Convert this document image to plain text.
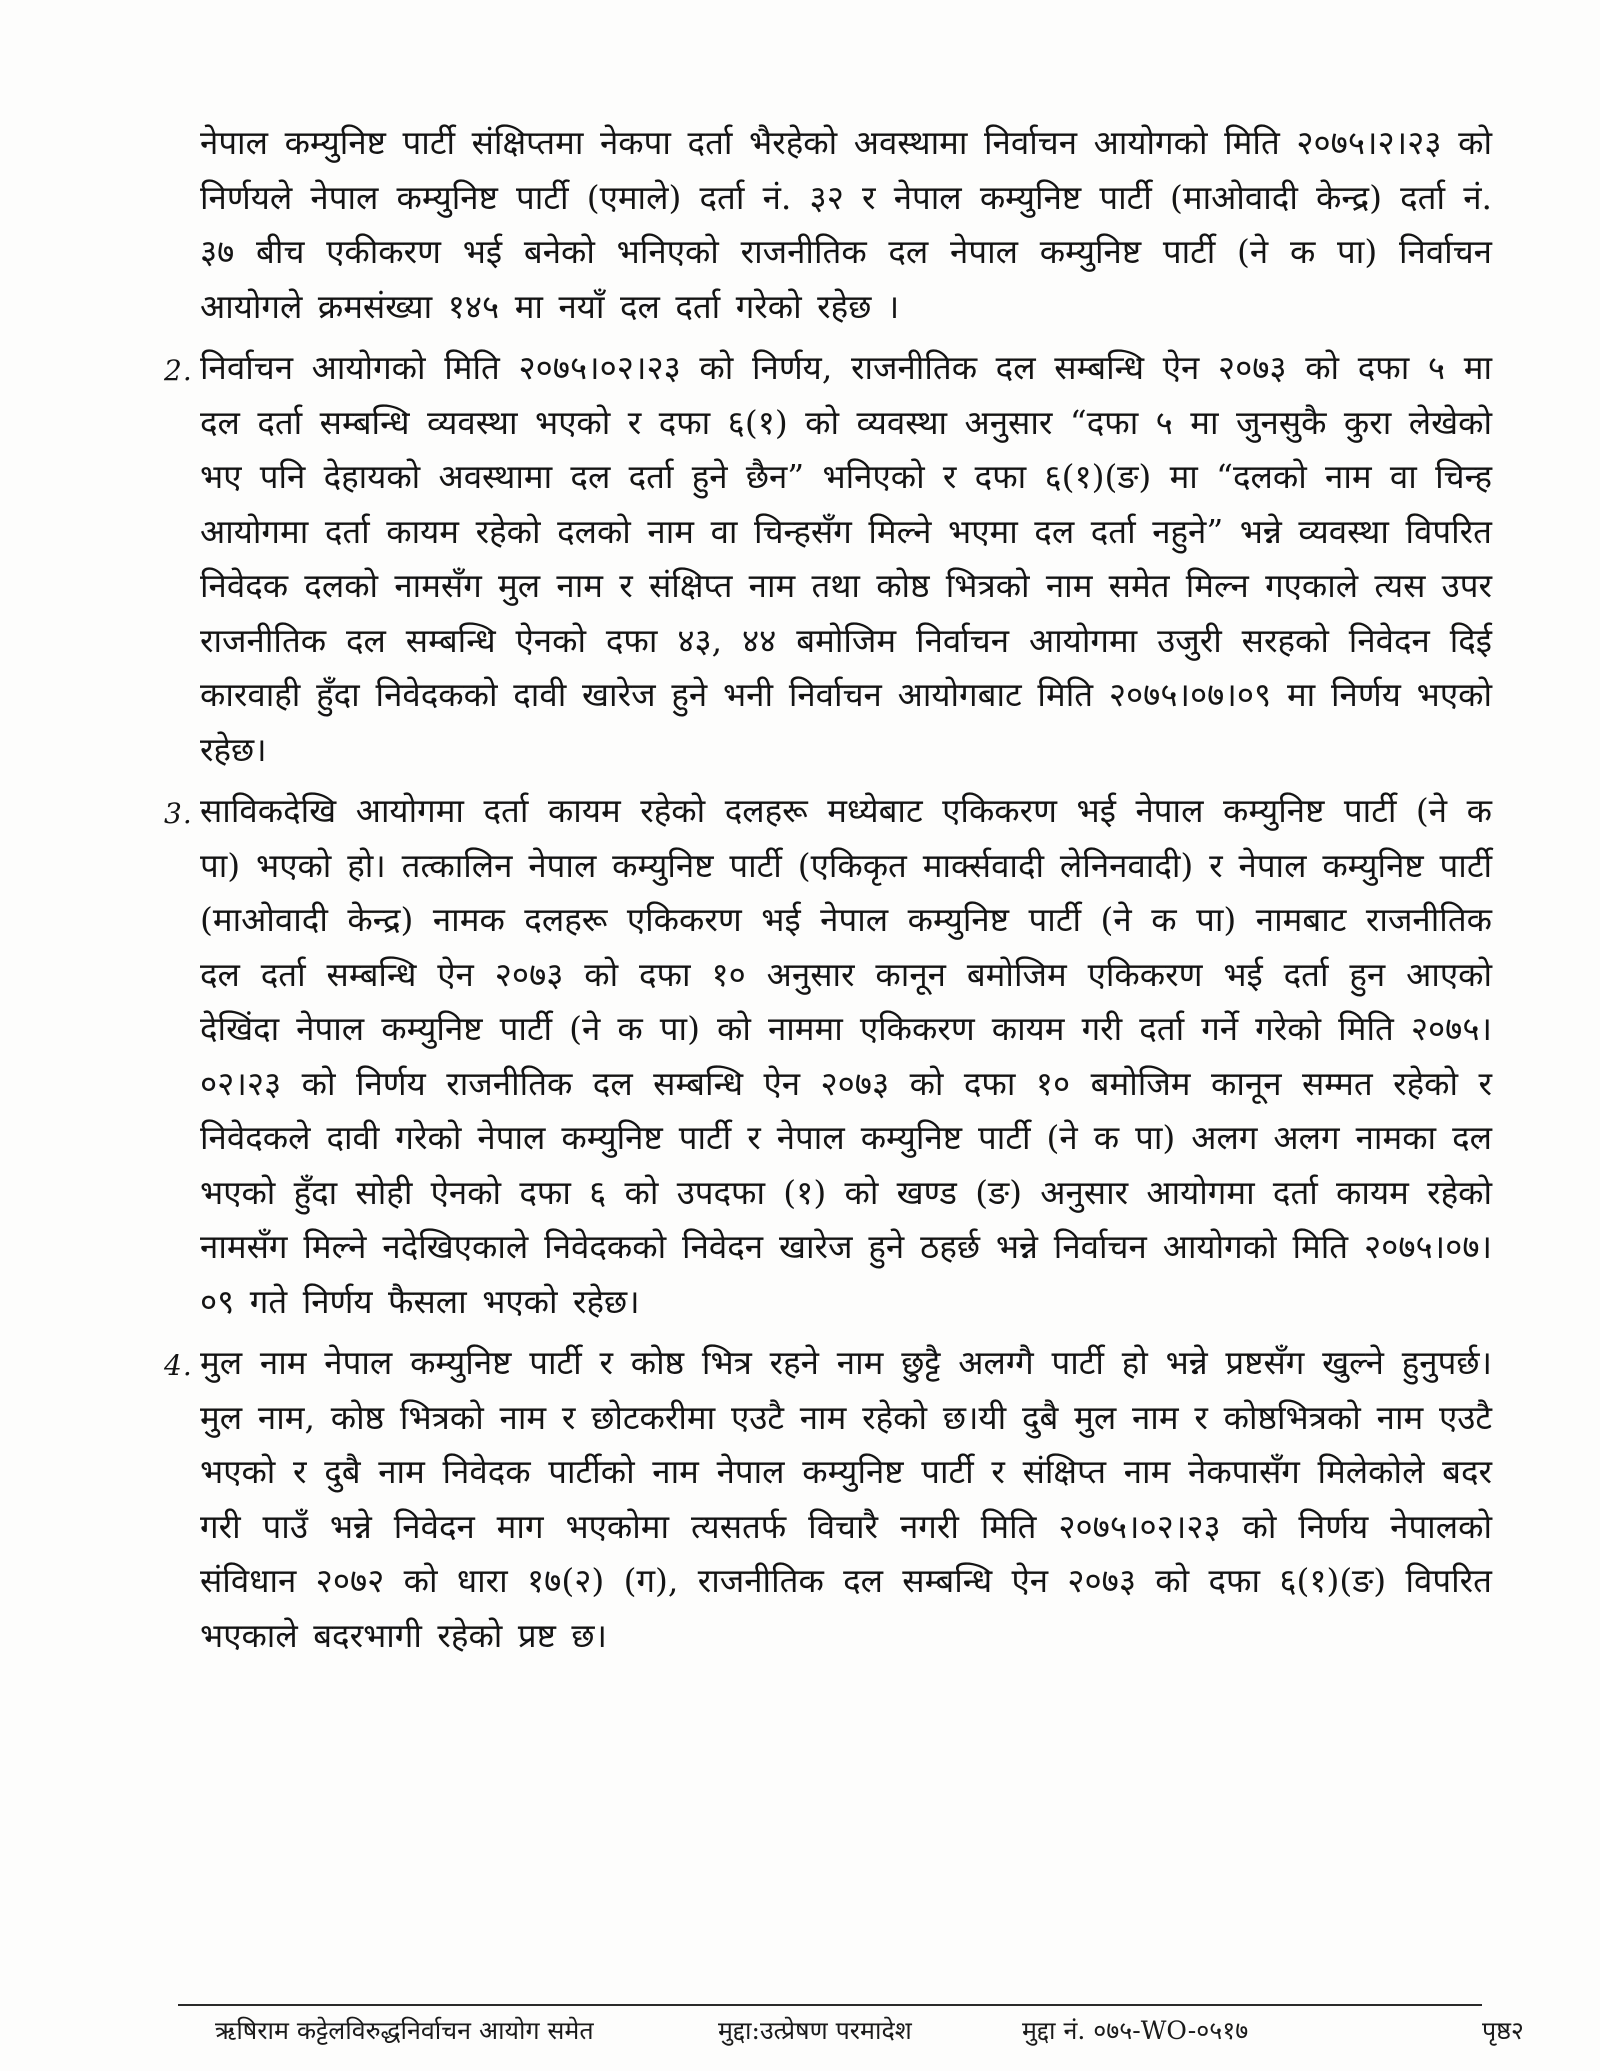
नेपाल कम्युनिष्ट पार्टी संक्षिप्तमा नेकपा दर्ता भैरहेको अवस्थामा निर्वाचन आयोगको मिति २०७५।२।२३ को निर्णयले नेपाल कम्युनिष्ट पार्टी (एमाले) दर्ता नं. ३२ र नेपाल कम्युनिष्ट पार्टी (माओवादी केन्द्र) दर्ता नं. ३७ बीच एकीकरण भई बनेको भनिएको राजनीतिक दल नेपाल कम्युनिष्ट पार्टी (ने क पा) निर्वाचन आयोगले क्रमसंख्या १४५ मा नयाँ दल दर्ता गरेको रहेछ ।

2. निर्वाचन आयोगको मिति २०७५।०२।२३ को निर्णय, राजनीतिक दल सम्बन्धि ऐन २०७३ को दफा ५ मा दल दर्ता सम्बन्धि व्यवस्था भएको र दफा ६(१) को व्यवस्था अनुसार “दफा ५ मा जुनसुकै कुरा लेखेको भए पनि देहायको अवस्थामा दल दर्ता हुने छैन” भनिएको र दफा ६(१)(ङ) मा “दलको नाम वा चिन्ह आयोगमा दर्ता कायम रहेको दलको नाम वा चिन्हसँग मिल्ने भएमा दल दर्ता नहुने” भन्ने व्यवस्था विपरित निवेदक दलको नामसँग मुल नाम र संक्षिप्त नाम तथा कोष्ठ भित्रको नाम समेत मिल्न गएकाले त्यस उपर राजनीतिक दल सम्बन्धि ऐनको दफा ४३, ४४ बमोजिम निर्वाचन आयोगमा उजुरी सरहको निवेदन दिई कारवाही हुँदा निवेदकको दावी खारेज हुने भनी निर्वाचन आयोगबाट मिति २०७५।०७।०९ मा निर्णय भएको रहेछ।
3. साविकदेखि आयोगमा दर्ता कायम रहेको दलहरू मध्येबाट एकिकरण भई नेपाल कम्युनिष्ट पार्टी (ने क पा) भएको हो। तत्कालिन नेपाल कम्युनिष्ट पार्टी (एकिकृत मार्क्सवादी लेनिनवादी) र नेपाल कम्युनिष्ट पार्टी (माओवादी केन्द्र) नामक दलहरू एकिकरण भई नेपाल कम्युनिष्ट पार्टी (ने क पा) नामबाट राजनीतिक दल दर्ता सम्बन्धि ऐन २०७३ को दफा १० अनुसार कानून बमोजिम एकिकरण भई दर्ता हुन आएको देखिंदा नेपाल कम्युनिष्ट पार्टी (ने क पा) को नाममा एकिकरण कायम गरी दर्ता गर्ने गरेको मिति २०७५।०२।२३ को निर्णय राजनीतिक दल सम्बन्धि ऐन २०७३ को दफा १० बमोजिम कानून सम्मत रहेको र निवेदकले दावी गरेको नेपाल कम्युनिष्ट पार्टी र नेपाल कम्युनिष्ट पार्टी (ने क पा) अलग अलग नामका दल भएको हुँदा सोही ऐनको दफा ६ को उपदफा (१) को खण्ड (ङ) अनुसार आयोगमा दर्ता कायम रहेको नामसँग मिल्ने नदेखिएकाले निवेदकको निवेदन खारेज हुने ठहर्छ भन्ने निर्वाचन आयोगको मिति २०७५।०७।०९ गते निर्णय फैसला भएको रहेछ।
4. मुल नाम नेपाल कम्युनिष्ट पार्टी र कोष्ठ भित्र रहने नाम छुट्टै अलग्गै पार्टी हो भन्ने प्रष्टसँग खुल्ने हुनुपर्छ।मुल नाम, कोष्ठ भित्रको नाम र छोटकरीमा एउटै नाम रहेको छ।यी दुबै मुल नाम र कोष्ठभित्रको नाम एउटै भएको र दुबै नाम निवेदक पार्टीको नाम नेपाल कम्युनिष्ट पार्टी र संक्षिप्त नाम नेकपासँग मिलेकोले बदर गरी पाउँ भन्ने निवेदन माग भएकोमा त्यसतर्फ विचारै नगरी मिति २०७५।०२।२३ को निर्णय नेपालको संविधान २०७२ को धारा १७(२) (ग), राजनीतिक दल सम्बन्धि ऐन २०७३ को दफा ६(१)(ङ) विपरित भएकाले बदरभागी रहेको प्रष्ट छ।
ऋषिराम कट्टेलविरुद्धनिर्वाचन आयोग समेत	मुद्दा:उत्प्रेषण परमादेश	मुद्दा नं. ०७५-WO-०५१७	पृष्ठ२
